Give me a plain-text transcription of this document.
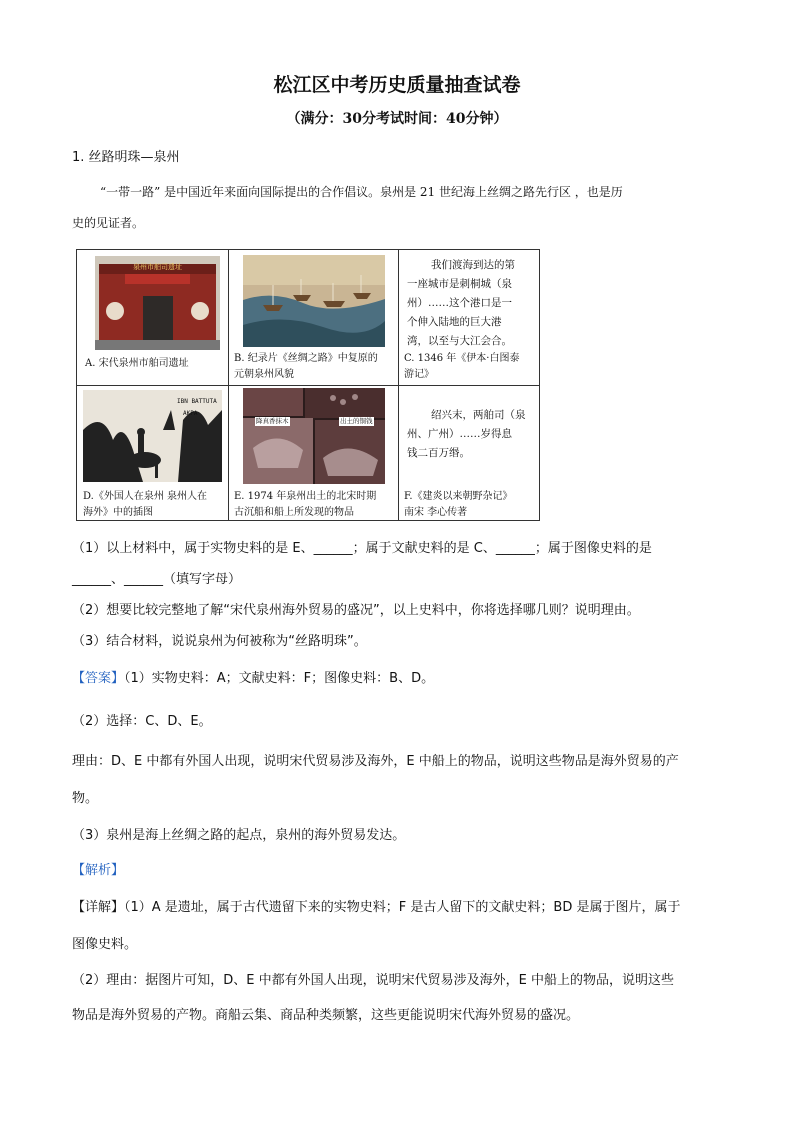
松江区中考历史质量抽查试卷
（满分：30分考试时间：40分钟）
1. 丝路明珠—泉州
“一带一路” 是中国近年来面向国际提出的合作倡议。泉州是 21 世纪海上丝绸之路先行区 ，也是历
史的见证者。
泉州市舶司遗址
A. 宋代泉州市舶司遗址	B. 纪录片《丝绸之路》中复原的
元朝泉州风貌
我们渡海到达的第
一座城市是刺桐城（泉
州）……这个港口是一
个伸入陆地的巨大港
湾，以至与大江会合。
C. 1346 年《伊本·白图泰
游记》
IBN BATTUTA
AKPA
D.《外国人在泉州 泉州人在
海外》中的插图
降真香抹木	出土的铜钱
E. 1974 年泉州出土的北宋时期
古沉船和船上所发现的物品
绍兴末，两舶司（泉
州、广州）……岁得息
钱二百万缗。
F.《建炎以来朝野杂记》
南宋 李心传著
（1）以上材料中，属于实物史料的是 E、______；属于文献史料的是 C、______；属于图像史料的是
______、______（填写字母）
（2）想要比较完整地了解“宋代泉州海外贸易的盛况”，以上史料中，你将选择哪几则？说明理由。
（3）结合材料，说说泉州为何被称为“丝路明珠”。
【答案】（1）实物史料：A；文献史料：F；图像史料：B、D。
（2）选择：C、D、E。
理由：D、E 中都有外国人出现，说明宋代贸易涉及海外，E 中船上的物品，说明这些物品是海外贸易的产
物。
（3）泉州是海上丝绸之路的起点，泉州的海外贸易发达。
【解析】
【详解】（1）A 是遗址，属于古代遗留下来的实物史料；F 是古人留下的文献史料；BD 是属于图片，属于
图像史料。
（2）理由：据图片可知，D、E 中都有外国人出现，说明宋代贸易涉及海外，E 中船上的物品，说明这些
物品是海外贸易的产物。商船云集、商品种类频繁，这些更能说明宋代海外贸易的盛况。
